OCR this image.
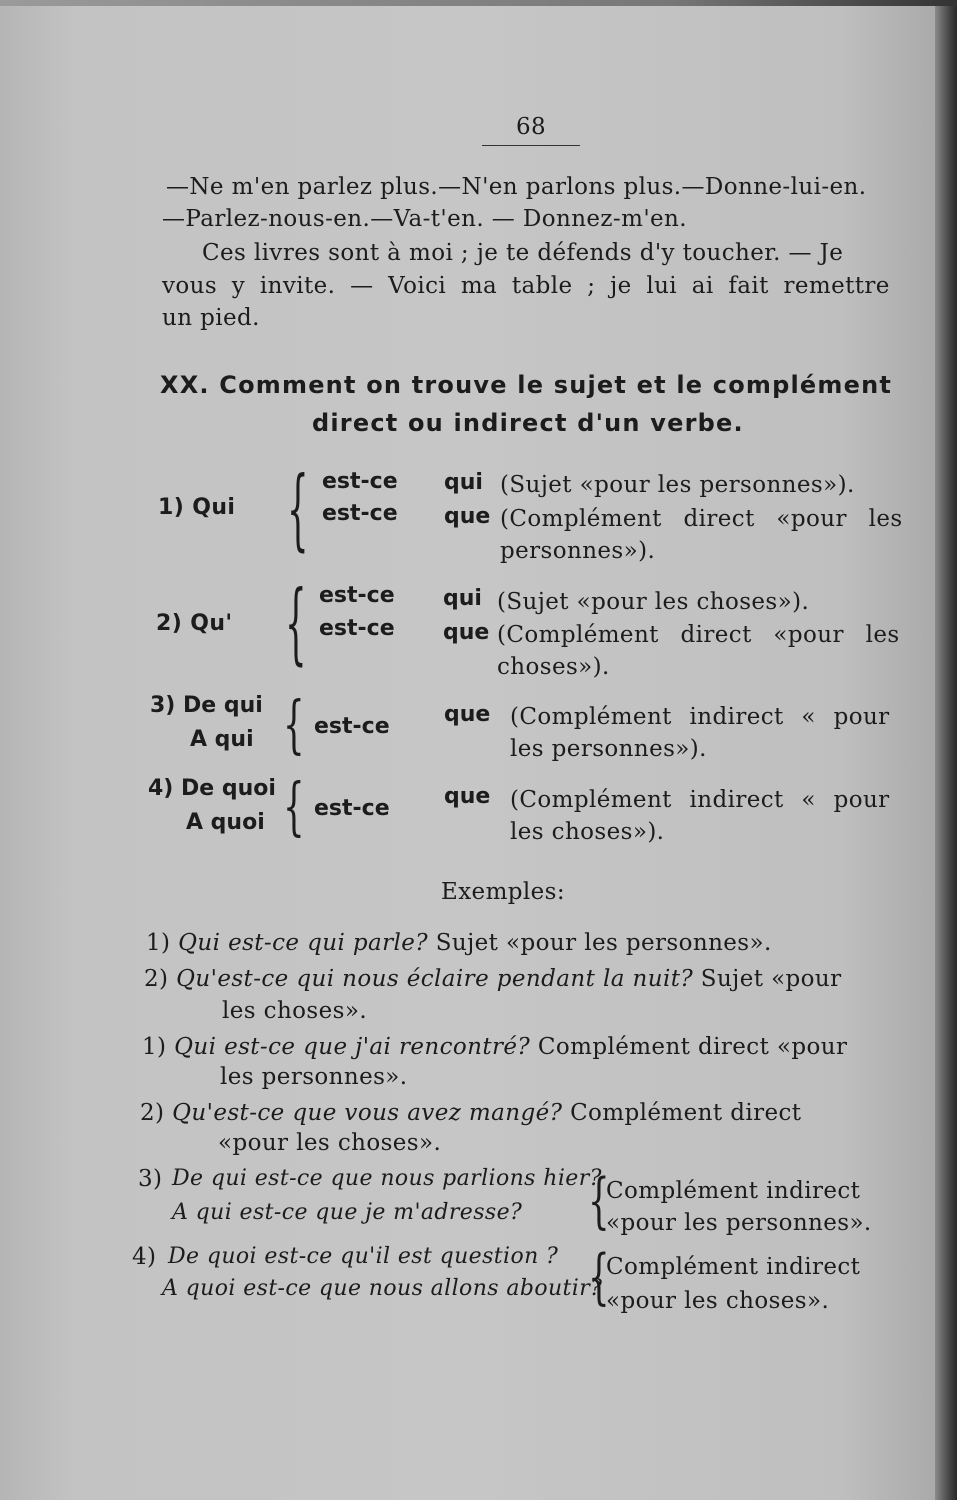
68
—Ne m'en parlez plus.—N'en parlons plus.—Donne-lui-en.
—Parlez-nous-en.—Va-t'en. — Donnez-m'en.
Ces livres sont à moi ; je te défends d'y toucher. — Je
vous y invite. — Voici ma table ; je lui ai fait remettre
un pied.
XX. Comment on trouve le sujet et le complément
direct ou indirect d'un verbe.
1) Qui { est-ce
est-ce
qui (Sujet «pour les personnes»).
que (Complément direct «pour les
personnes»).
2) Qu' { est-ce
est-ce
qui (Sujet «pour les choses»).
que (Complément direct «pour les
choses»).
3) De qui
A qui { est-ce que (Complément indirect « pour
les personnes»).
4) De quoi
A quoi { est-ce que (Complément indirect « pour
les choses»).
Exemples:
1) Qui est-ce qui parle? Sujet «pour les personnes».
2) Qu'est-ce qui nous éclaire pendant la nuit? Sujet «pour
les choses».
1) Qui est-ce que j'ai rencontré? Complément direct «pour
les personnes».
2) Qu'est-ce que vous avez mangé? Complément direct
«pour les choses».
3) De qui est-ce que nous parlions hier?
A qui est-ce que je m'adresse? {
Complément indirect
«pour les personnes».
4) De quoi est-ce qu'il est question ?
A quoi est-ce que nous allons aboutir?
{
Complément indirect
«pour les choses».
